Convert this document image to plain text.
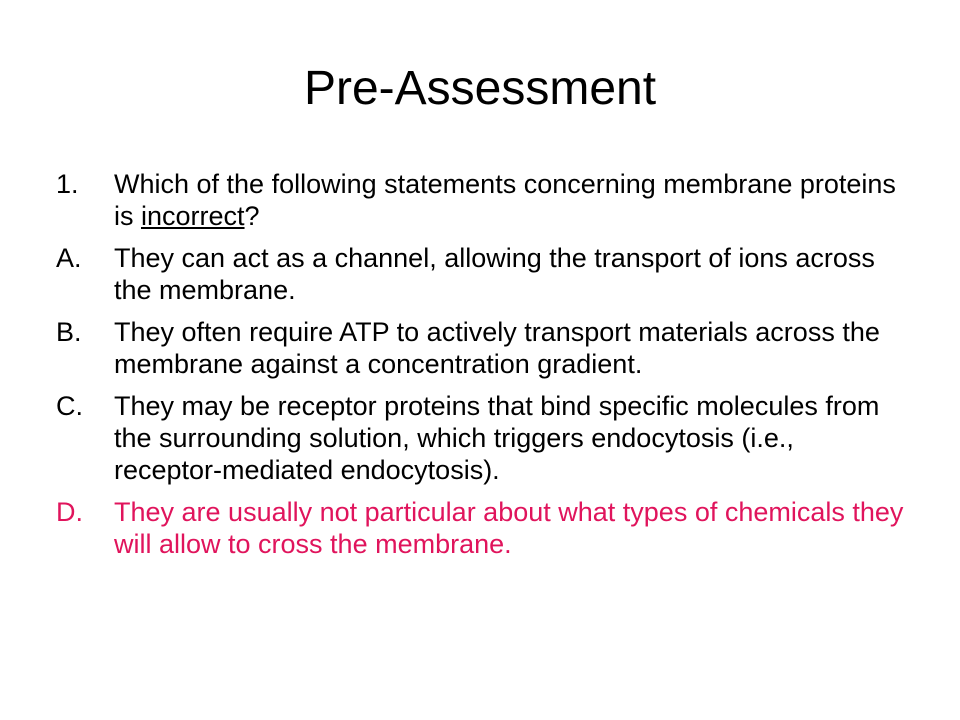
Pre-Assessment
1. Which of the following statements concerning membrane proteins is incorrect?
A. They can act as a channel, allowing the transport of ions across the membrane.
B. They often require ATP to actively transport materials across the membrane against a concentration gradient.
C. They may be receptor proteins that bind specific molecules from the surrounding solution, which triggers endocytosis (i.e., receptor-mediated endocytosis).
D. They are usually not particular about what types of chemicals they will allow to cross the membrane.
